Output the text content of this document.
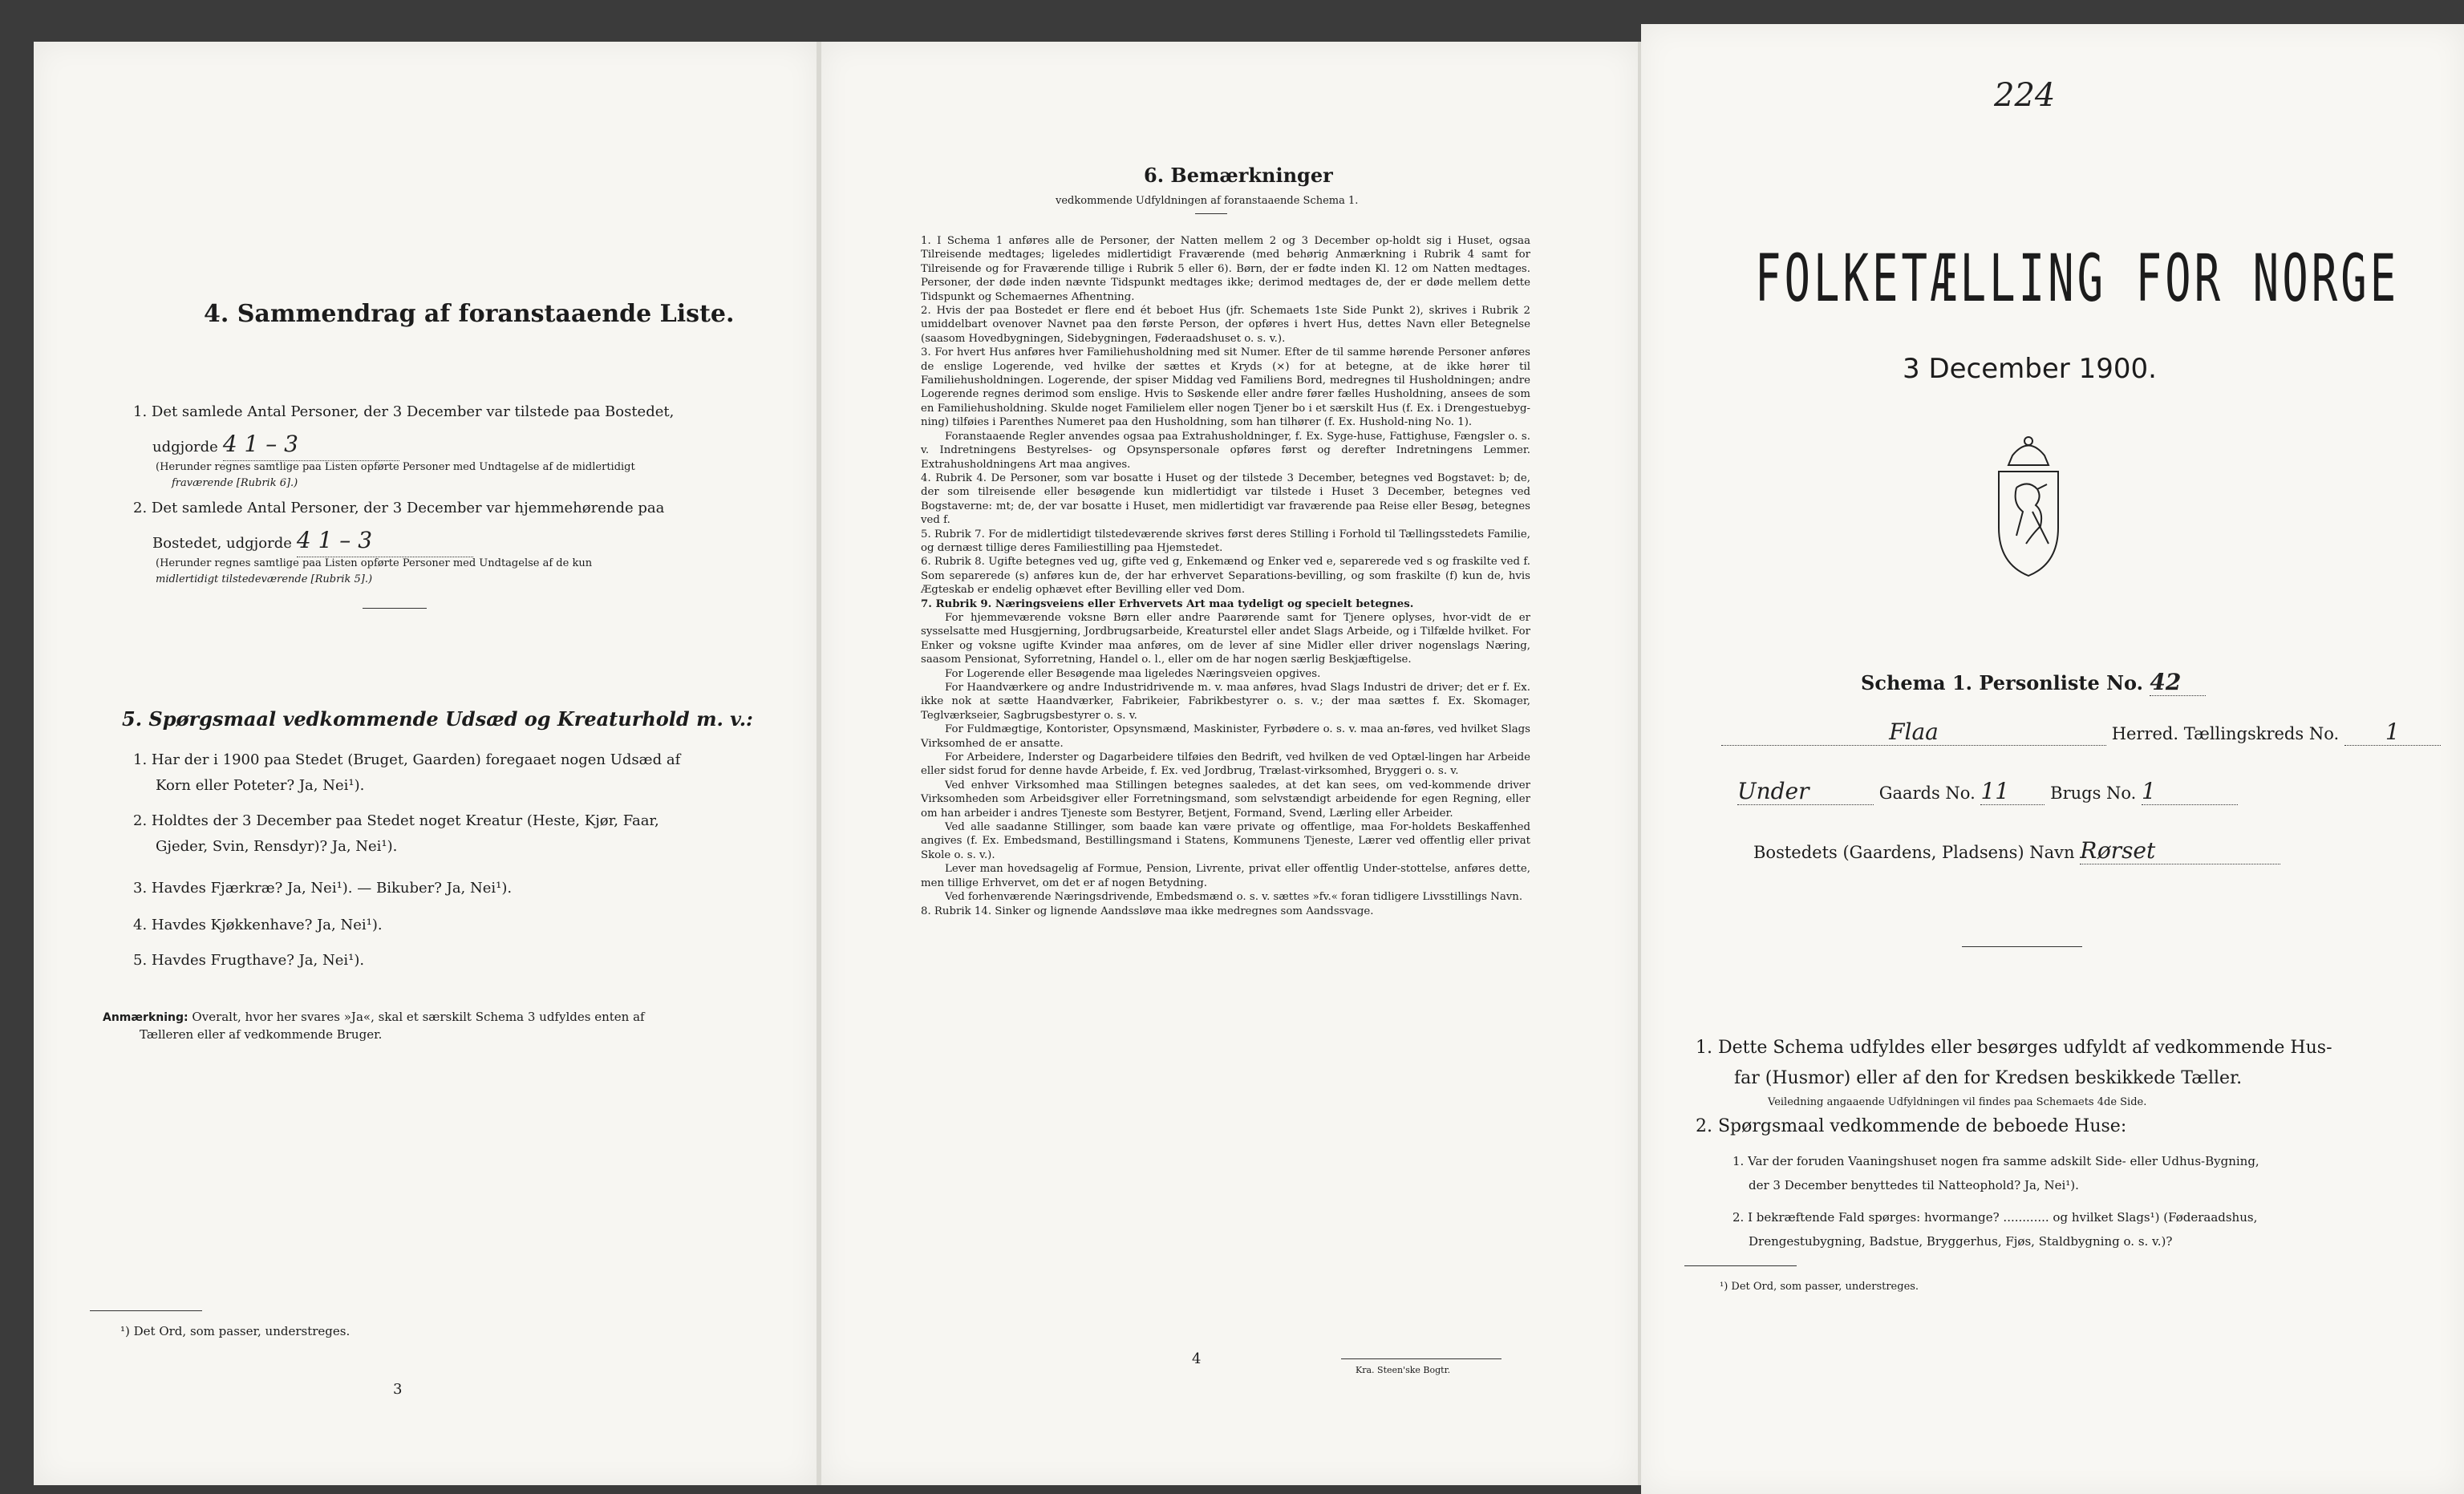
4. Sammendrag af foranstaaende Liste.
1. Det samlede Antal Personer, der 3 December var tilstede paa Bostedet,
udgjorde 4 1 – 3
(Herunder regnes samtlige paa Listen opførte Personer med Undtagelse af de midlertidigt
fraværende [Rubrik 6].)
2. Det samlede Antal Personer, der 3 December var hjemmehørende paa
Bostedet, udgjorde 4 1 – 3
(Herunder regnes samtlige paa Listen opførte Personer med Undtagelse af de kun
midlertidigt tilstedeværende [Rubrik 5].)
5. Spørgsmaal vedkommende Udsæd og Kreaturhold m. v.:
1. Har der i 1900 paa Stedet (Bruget, Gaarden) foregaaet nogen Udsæd af
Korn eller Poteter? Ja, Nei¹).
2. Holdtes der 3 December paa Stedet noget Kreatur (Heste, Kjør, Faar,
Gjeder, Svin, Rensdyr)? Ja, Nei¹).
3. Havdes Fjærkræ? Ja, Nei¹). — Bikuber? Ja, Nei¹).
4. Havdes Kjøkkenhave? Ja, Nei¹).
5. Havdes Frugthave? Ja, Nei¹).
Anmærkning: Overalt, hvor her svares »Ja«, skal et særskilt Schema 3 udfyldes enten af
Tælleren eller af vedkommende Bruger.
¹) Det Ord, som passer, understreges.
3
6. Bemærkninger
vedkommende Udfyldningen af foranstaaende Schema 1.

1. I Schema 1 anføres alle de Personer, der Natten mellem 2 og 3 December op-holdt sig i Huset, ogsaa Tilreisende medtages; ligeledes midlertidigt Fraværende (med behørig Anmærkning i Rubrik 4 samt for Tilreisende og for Fraværende tillige i Rubrik 5 eller 6). Børn, der er fødte inden Kl. 12 om Natten medtages. Personer, der døde inden nævnte Tidspunkt medtages ikke; derimod medtages de, der er døde mellem dette Tidspunkt og Schemaernes Afhentning.

2. Hvis der paa Bostedet er flere end ét beboet Hus (jfr. Schemaets 1ste Side Punkt 2), skrives i Rubrik 2 umiddelbart ovenover Navnet paa den første Person, der opføres i hvert Hus, dettes Navn eller Betegnelse (saasom Hovedbygningen, Sidebygningen, Føderaadshuset o. s. v.).

3. For hvert Hus anføres hver Familiehusholdning med sit Numer. Efter de til samme hørende Personer anføres de enslige Logerende, ved hvilke der sættes et Kryds (×) for at betegne, at de ikke hører til Familiehusholdningen. Logerende, der spiser Middag ved Familiens Bord, medregnes til Husholdningen; andre Logerende regnes derimod som enslige. Hvis to Søskende eller andre fører fælles Husholdning, ansees de som en Familiehusholdning. Skulde noget Familielem eller nogen Tjener bo i et særskilt Hus (f. Ex. i Drengestuebyg-ning) tilføies i Parenthes Numeret paa den Husholdning, som han tilhører (f. Ex. Hushold-ning No. 1).

Foranstaaende Regler anvendes ogsaa paa Extrahusholdninger, f. Ex. Syge-huse, Fattighuse, Fængsler o. s. v. Indretningens Bestyrelses- og Opsynspersonale opføres først og derefter Indretningens Lemmer. Extrahusholdningens Art maa angives.

4. Rubrik 4. De Personer, som var bosatte i Huset og der tilstede 3 December, betegnes ved Bogstavet: b; de, der som tilreisende eller besøgende kun midlertidigt var tilstede i Huset 3 December, betegnes ved Bogstaverne: mt; de, der var bosatte i Huset, men midlertidigt var fraværende paa Reise eller Besøg, betegnes ved f.

5. Rubrik 7. For de midlertidigt tilstedeværende skrives først deres Stilling i Forhold til Tællingsstedets Familie, og dernæst tillige deres Familiestilling paa Hjemstedet.

6. Rubrik 8. Ugifte betegnes ved ug, gifte ved g, Enkemænd og Enker ved e, separerede ved s og fraskilte ved f. Som separerede (s) anføres kun de, der har erhvervet Separations-bevilling, og som fraskilte (f) kun de, hvis Ægteskab er endelig ophævet efter Bevilling eller ved Dom.

7. Rubrik 9. Næringsveiens eller Erhvervets Art maa tydeligt og specielt betegnes.

For hjemmeværende voksne Børn eller andre Paarørende samt for Tjenere oplyses, hvor-vidt de er sysselsatte med Husgjerning, Jordbrugsarbeide, Kreaturstel eller andet Slags Arbeide, og i Tilfælde hvilket. For Enker og voksne ugifte Kvinder maa anføres, om de lever af sine Midler eller driver nogenslags Næring, saasom Pensionat, Syforretning, Handel o. l., eller om de har nogen særlig Beskjæftigelse.

For Logerende eller Besøgende maa ligeledes Næringsveien opgives.

For Haandværkere og andre Industridrivende m. v. maa anføres, hvad Slags Industri de driver; det er f. Ex. ikke nok at sætte Haandværker, Fabrikeier, Fabrikbestyrer o. s. v.; der maa sættes f. Ex. Skomager, Teglværkseier, Sagbrugsbestyrer o. s. v.

For Fuldmægtige, Kontorister, Opsynsmænd, Maskinister, Fyrbødere o. s. v. maa an-føres, ved hvilket Slags Virksomhed de er ansatte.

For Arbeidere, Inderster og Dagarbeidere tilføies den Bedrift, ved hvilken de ved Optæl-lingen har Arbeide eller sidst forud for denne havde Arbeide, f. Ex. ved Jordbrug, Trælast-virksomhed, Bryggeri o. s. v.

Ved enhver Virksomhed maa Stillingen betegnes saaledes, at det kan sees, om ved-kommende driver Virksomheden som Arbeidsgiver eller Forretningsmand, som selvstændigt arbeidende for egen Regning, eller om han arbeider i andres Tjeneste som Bestyrer, Betjent, Formand, Svend, Lærling eller Arbeider.

Ved alle saadanne Stillinger, som baade kan være private og offentlige, maa For-holdets Beskaffenhed angives (f. Ex. Embedsmand, Bestillingsmand i Statens, Kommunens Tjeneste, Lærer ved offentlig eller privat Skole o. s. v.).

Lever man hovedsagelig af Formue, Pension, Livrente, privat eller offentlig Under-stottelse, anføres dette, men tillige Erhvervet, om det er af nogen Betydning.

Ved forhenværende Næringsdrivende, Embedsmænd o. s. v. sættes »fv.« foran tidligere Livsstillings Navn.

8. Rubrik 14. Sinker og lignende Aandssløve maa ikke medregnes som Aandssvage.

4
Kra. Steen'ske Bogtr.
224
FOLKETÆLLING FOR NORGE
3 December 1900.
Schema 1. Personliste No. 42
Flaa	Herred. Tællingskreds No. 1
Under	Gaards No. 11 Brugs No. 1
Bostedets (Gaardens, Pladsens) Navn Rørset
1. Dette Schema udfyldes eller besørges udfyldt af vedkommende Hus-
far (Husmor) eller af den for Kredsen beskikkede Tæller.
Veiledning angaaende Udfyldningen vil findes paa Schemaets 4de Side.
2. Spørgsmaal vedkommende de beboede Huse:
1. Var der foruden Vaaningshuset nogen fra samme adskilt Side- eller Udhus-Bygning,
der 3 December benyttedes til Natteophold? Ja, Nei¹).
2. I bekræftende Fald spørges: hvormange? ............ og hvilket Slags¹) (Føderaadshus,
Drengestubygning, Badstue, Bryggerhus, Fjøs, Staldbygning o. s. v.)?
¹) Det Ord, som passer, understreges.
